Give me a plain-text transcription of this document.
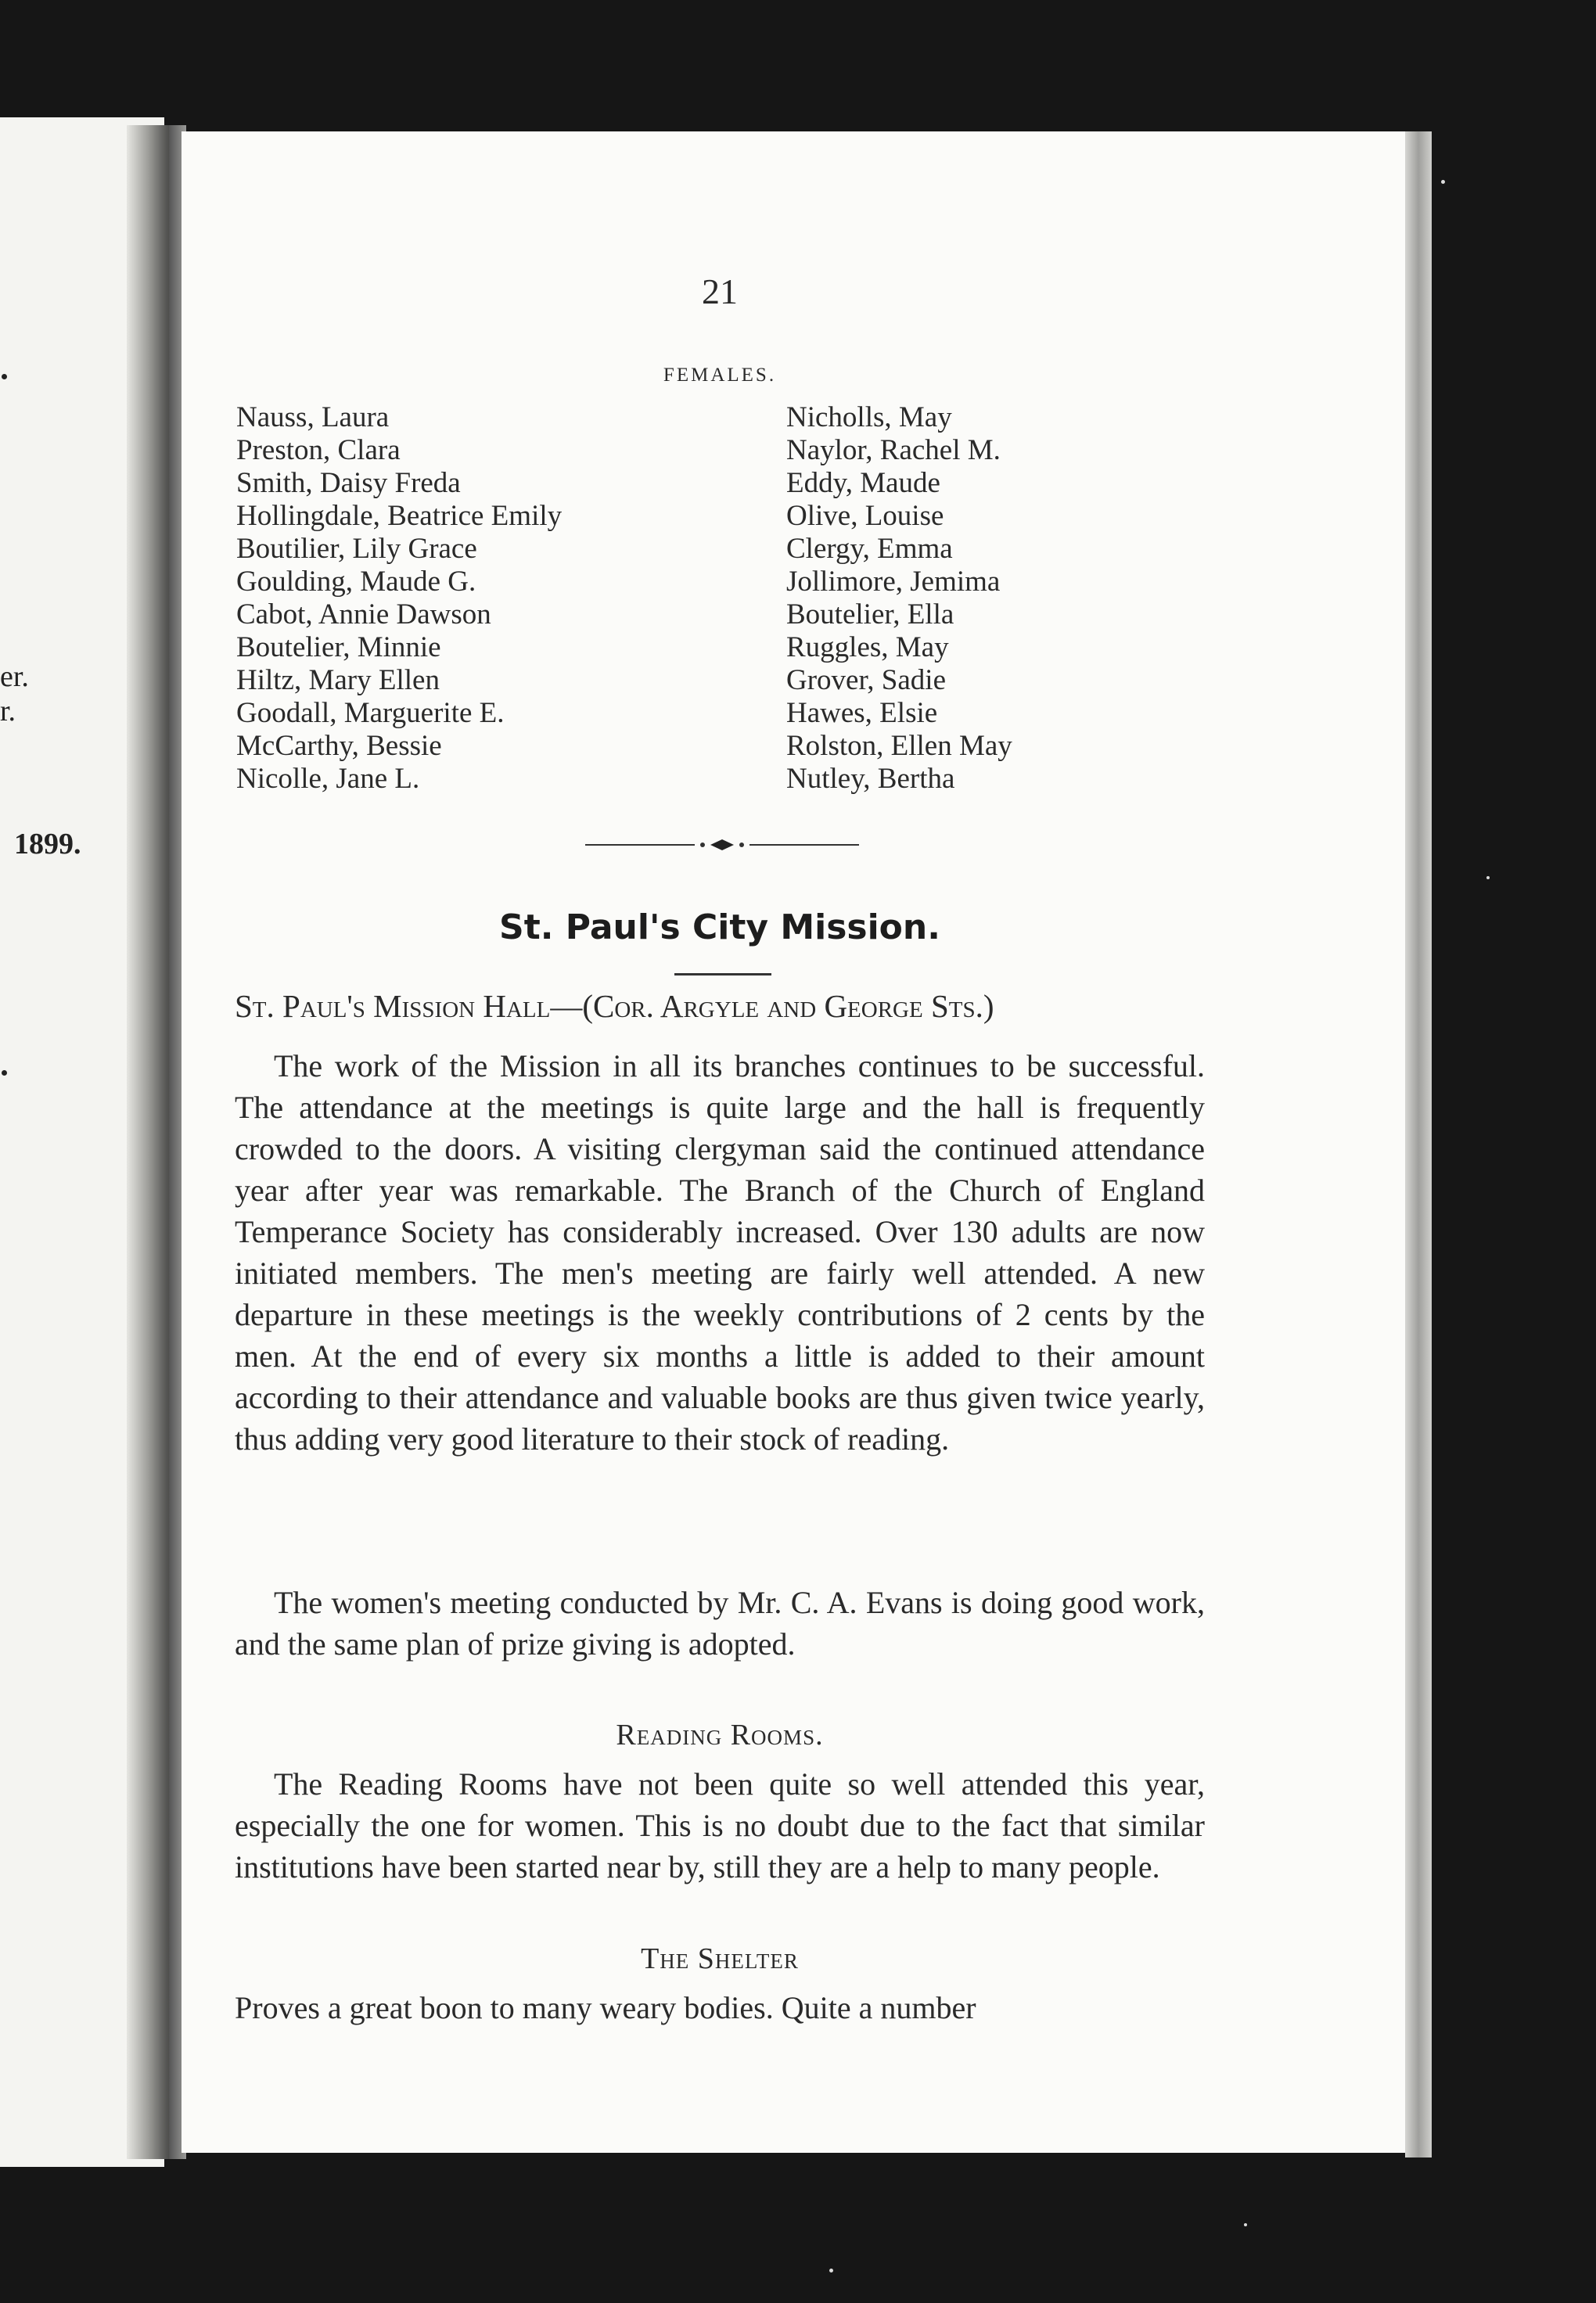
er.
r.
1899.
21
FEMALES.
Nauss, Laura
Preston, Clara
Smith, Daisy Freda
Hollingdale, Beatrice Emily
Boutilier, Lily Grace
Goulding, Maude G.
Cabot, Annie Dawson
Boutelier, Minnie
Hiltz, Mary Ellen
Goodall, Marguerite E.
McCarthy, Bessie
Nicolle, Jane L.
Nicholls, May
Naylor, Rachel M.
Eddy, Maude
Olive, Louise
Clergy, Emma
Jollimore, Jemima
Boutelier, Ella
Ruggles, May
Grover, Sadie
Hawes, Elsie
Rolston, Ellen May
Nutley, Bertha
St. Paul's City Mission.
St. Paul's Mission Hall—(Cor. Argyle and George Sts.)

The work of the Mission in all its branches continues to be successful. The attendance at the meetings is quite large and the hall is frequently crowded to the doors. A visiting clergyman said the continued attendance year after year was remarkable. The Branch of the Church of England Temperance Society has considerably increased. Over 130 adults are now initiated members. The men's meeting are fairly well attended. A new departure in these meetings is the weekly contributions of 2 cents by the men. At the end of every six months a little is added to their amount according to their attendance and valuable books are thus given twice yearly, thus adding very good literature to their stock of reading.

The women's meeting conducted by Mr. C. A. Evans is doing good work, and the same plan of prize giving is adopted.

Reading Rooms.

The Reading Rooms have not been quite so well attended this year, especially the one for women. This is no doubt due to the fact that similar institutions have been started near by, still they are a help to many people.

The Shelter

Proves a great boon to many weary bodies. Quite a number
